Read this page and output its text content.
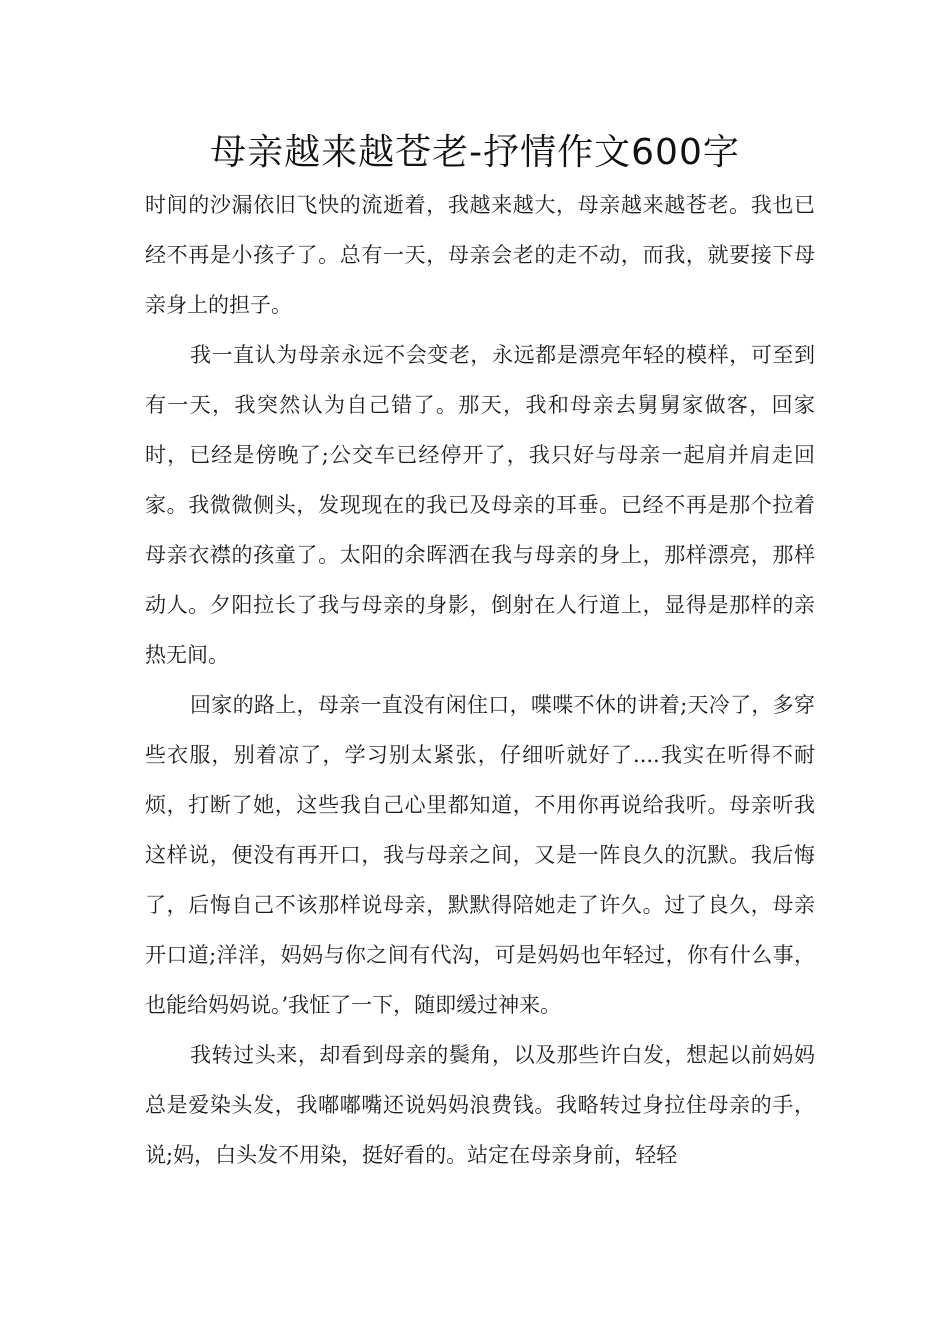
母亲越来越苍老-抒情作文600字

时间的沙漏依旧飞快的流逝着，我越来越大，母亲越来越苍老。我也已经不再是小孩子了。总有一天，母亲会老的走不动，而我，就要接下母亲身上的担子。

我一直认为母亲永远不会变老，永远都是漂亮年轻的模样，可至到有一天，我突然认为自己错了。那天，我和母亲去舅舅家做客，回家时，已经是傍晚了;公交车已经停开了，我只好与母亲一起肩并肩走回家。我微微侧头，发现现在的我已及母亲的耳垂。已经不再是那个拉着母亲衣襟的孩童了。太阳的余晖洒在我与母亲的身上，那样漂亮，那样动人。夕阳拉长了我与母亲的身影，倒射在人行道上，显得是那样的亲热无间。

回家的路上，母亲一直没有闲住口，喋喋不休的讲着;天冷了，多穿些衣服，别着凉了，学习别太紧张，仔细听就好了....我实在听得不耐烦，打断了她，这些我自己心里都知道，不用你再说给我听。母亲听我这样说，便没有再开口，我与母亲之间，又是一阵良久的沉默。我后悔了，后悔自己不该那样说母亲，默默得陪她走了许久。过了良久，母亲开口道;洋洋，妈妈与你之间有代沟，可是妈妈也年轻过，你有什么事，也能给妈妈说。’我怔了一下，随即缓过神来。

我转过头来，却看到母亲的鬓角，以及那些许白发，想起以前妈妈总是爱染头发，我嘟嘟嘴还说妈妈浪费钱。我略转过身拉住母亲的手，说;妈，白头发不用染，挺好看的。站定在母亲身前，轻轻
